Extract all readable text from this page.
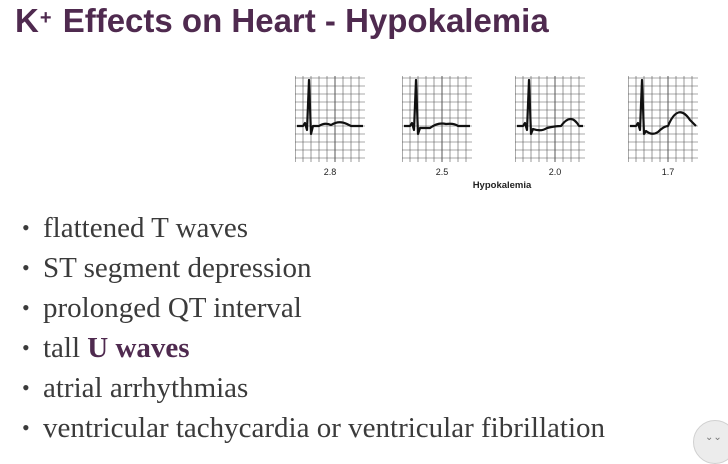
K+ Effects on Heart - Hypokalemia
2.8	2.5	2.0	1.7
Hypokalemia
• flattened T waves
• ST segment depression
• prolonged QT interval
• tall U waves
• atrial arrhythmias
• ventricular tachycardia or ventricular fibrillation	⌄⌄
